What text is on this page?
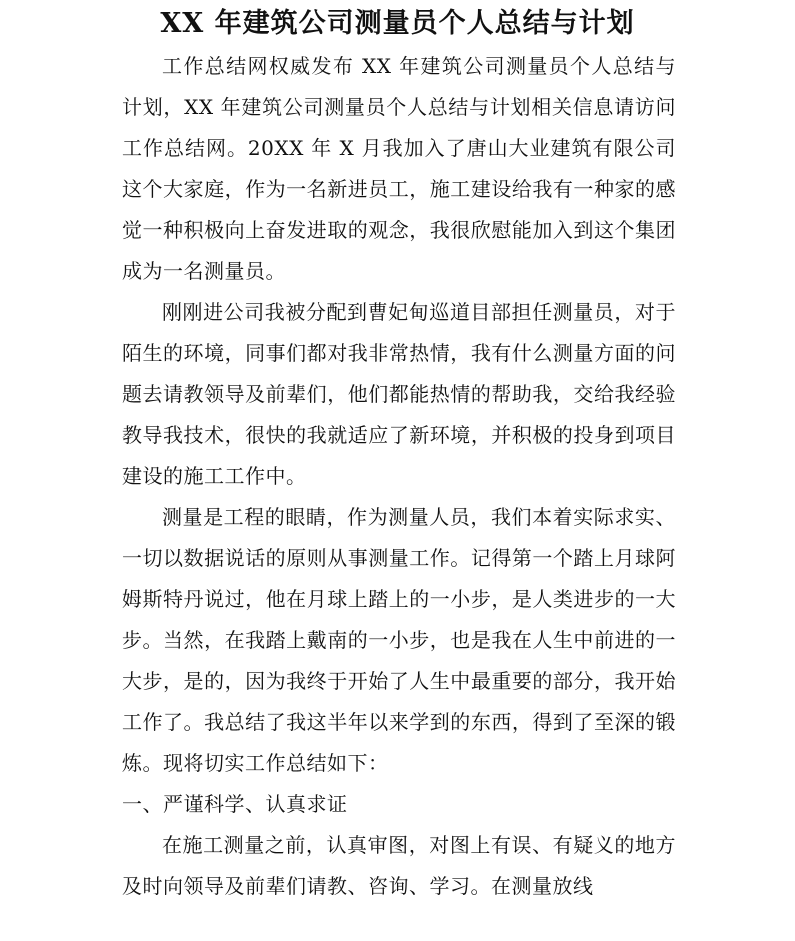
XX 年建筑公司测量员个人总结与计划

工作总结网权威发布 XX 年建筑公司测量员个人总结与计划，XX 年建筑公司测量员个人总结与计划相关信息请访问工作总结网。20XX 年 X 月我加入了唐山大业建筑有限公司这个大家庭，作为一名新进员工，施工建设给我有一种家的感觉一种积极向上奋发进取的观念，我很欣慰能加入到这个集团成为一名测量员。

刚刚进公司我被分配到曹妃甸巡道目部担任测量员，对于陌生的环境，同事们都对我非常热情，我有什么测量方面的问题去请教领导及前辈们，他们都能热情的帮助我，交给我经验教导我技术，很快的我就适应了新环境，并积极的投身到项目建设的施工工作中。

测量是工程的眼睛，作为测量人员，我们本着实际求实、一切以数据说话的原则从事测量工作。记得第一个踏上月球阿姆斯特丹说过，他在月球上踏上的一小步，是人类进步的一大步。当然，在我踏上戴南的一小步，也是我在人生中前进的一大步，是的，因为我终于开始了人生中最重要的部分，我开始工作了。我总结了我这半年以来学到的东西，得到了至深的锻炼。现将切实工作总结如下：

一、严谨科学、认真求证

在施工测量之前，认真审图，对图上有误、有疑义的地方及时向领导及前辈们请教、咨询、学习。在测量放线
